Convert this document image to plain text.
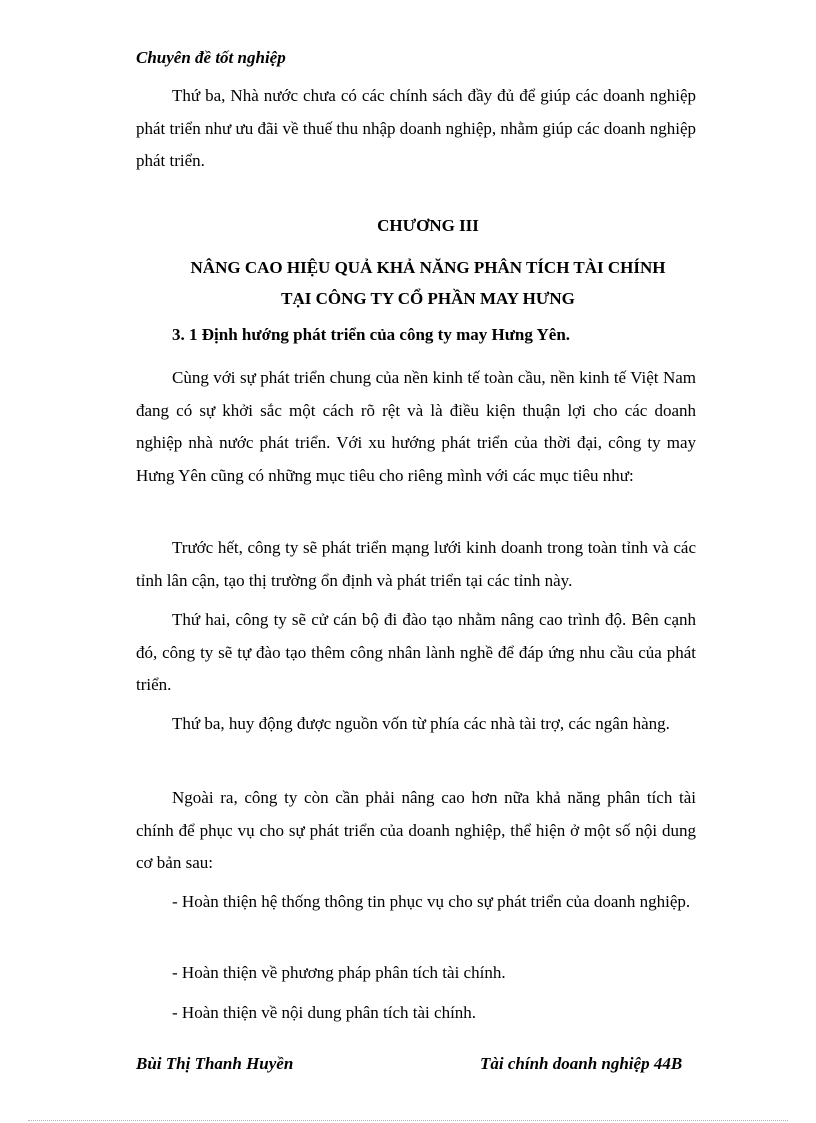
Chuyên đề tốt nghiệp

Thứ ba, Nhà nước chưa có các chính sách đầy đủ để giúp các doanh nghiệp phát triển như ưu đãi về thuế thu nhập doanh nghiệp, nhằm giúp các doanh nghiệp phát triển.

CHƯƠNG III

NÂNG CAO HIỆU QUẢ KHẢ NĂNG PHÂN TÍCH TÀI CHÍNH

TẠI CÔNG TY CỔ PHẦN MAY HƯNG

3. 1 Định hướng phát triển của công ty may Hưng Yên.

Cùng với sự phát triển chung của nền kinh tế toàn cầu, nền kinh tế Việt Nam đang có sự khởi sắc một cách rõ rệt và là điều kiện thuận lợi cho các doanh nghiệp nhà nước phát triển. Với xu hướng phát triển của thời đại, công ty may Hưng Yên cũng có những mục tiêu cho riêng mình với các mục tiêu như:

Trước hết, công ty sẽ phát triển mạng lưới kinh doanh trong toàn tỉnh và các tỉnh lân cận, tạo thị trường ổn định và phát triển tại các tỉnh này.

Thứ hai, công ty sẽ cử cán bộ đi đào tạo nhằm nâng cao trình độ. Bên cạnh đó, công ty sẽ tự đào tạo thêm công nhân lành nghề để đáp ứng nhu cầu của phát triển.

Thứ ba, huy động được nguồn vốn từ phía các nhà tài trợ, các ngân hàng.

Ngoài ra, công ty còn cần phải nâng cao hơn nữa khả năng phân tích tài chính để phục vụ cho sự phát triển của doanh nghiệp, thể hiện ở một số nội dung cơ bản sau:

- Hoàn thiện hệ thống thông tin phục vụ cho sự phát triển của doanh nghiệp.

- Hoàn thiện về phương pháp phân tích tài chính.

- Hoàn thiện về nội dung phân tích tài chính.

Bùi Thị Thanh Huyền	Tài chính doanh nghiệp 44B
